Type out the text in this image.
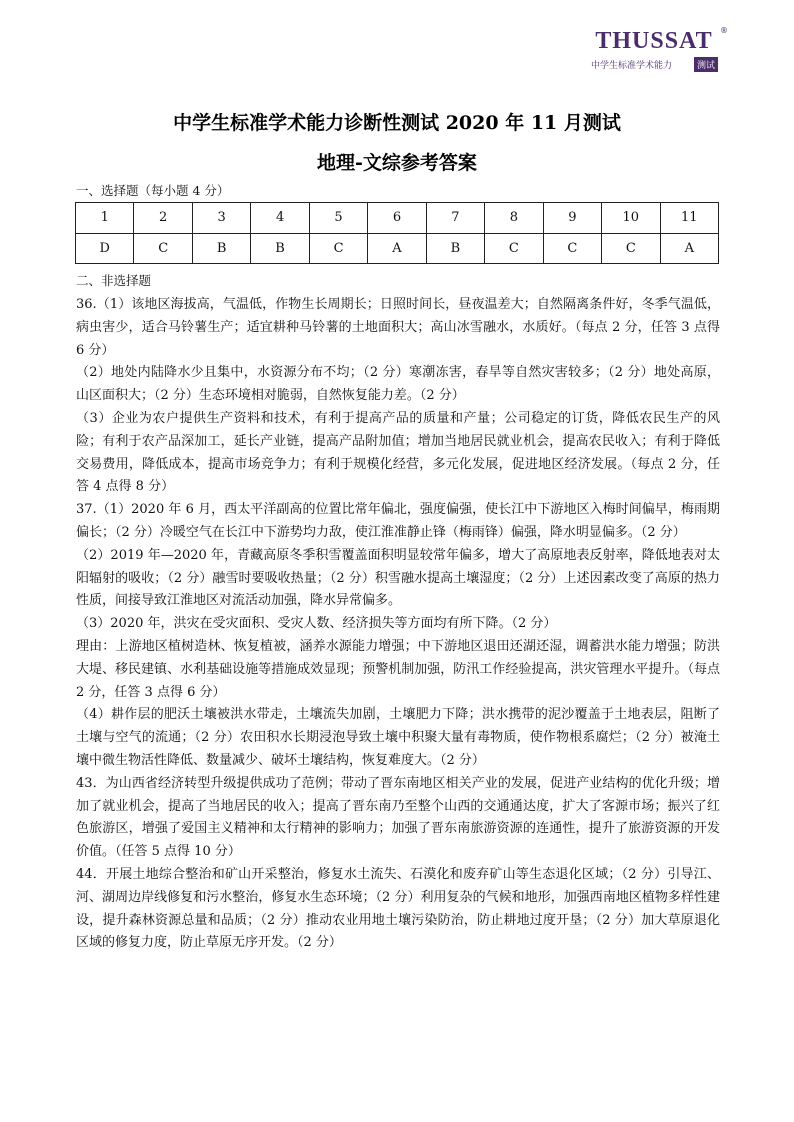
THUSSAT ®
中学生标准学术能力	测试
中学生标准学术能力诊断性测试 2020 年 11 月测试
地理-文综参考答案
一、选择题（每小题 4 分）
1	2	3	4	5	6	7	8	9	10	11
D	C	B	B	C	A	B	C	C	C	A
二、非选择题

36.（1）该地区海拔高，气温低，作物生长周期长；日照时间长，昼夜温差大；自然隔离条件好，冬季气温低，病虫害少，适合马铃薯生产；适宜耕种马铃薯的土地面积大；高山冰雪融水，水质好。（每点 2 分，任答 3 点得 6 分）

（2）地处内陆降水少且集中，水资源分布不均；（2 分）寒潮冻害，春旱等自然灾害较多；（2 分）地处高原，山区面积大；（2 分）生态环境相对脆弱，自然恢复能力差。（2 分）

（3）企业为农户提供生产资料和技术，有利于提高产品的质量和产量；公司稳定的订货，降低农民生产的风险；有利于农产品深加工，延长产业链，提高产品附加值；增加当地居民就业机会，提高农民收入；有利于降低交易费用，降低成本，提高市场竞争力；有利于规模化经营，多元化发展，促进地区经济发展。（每点 2 分，任答 4 点得 8 分）

37.（1）2020 年 6 月，西太平洋副高的位置比常年偏北，强度偏强，使长江中下游地区入梅时间偏早，梅雨期偏长；（2 分）冷暖空气在长江中下游势均力敌，使江淮准静止锋（梅雨锋）偏强，降水明显偏多。（2 分）

（2）2019 年—2020 年，青藏高原冬季积雪覆盖面积明显较常年偏多，增大了高原地表反射率，降低地表对太阳辐射的吸收；（2 分）融雪时要吸收热量；（2 分）积雪融水提高土壤湿度；（2 分）上述因素改变了高原的热力性质，间接导致江淮地区对流活动加强，降水异常偏多。

（3）2020 年，洪灾在受灾面积、受灾人数、经济损失等方面均有所下降。（2 分）

理由：上游地区植树造林、恢复植被，涵养水源能力增强；中下游地区退田还湖还湿，调蓄洪水能力增强；防洪大堤、移民建镇、水利基础设施等措施成效显现；预警机制加强，防汛工作经验提高，洪灾管理水平提升。（每点 2 分，任答 3 点得 6 分）

（4）耕作层的肥沃土壤被洪水带走，土壤流失加剧，土壤肥力下降；洪水携带的泥沙覆盖于土地表层，阻断了土壤与空气的流通；（2 分）农田积水长期浸泡导致土壤中积聚大量有毒物质，使作物根系腐烂；（2 分）被淹土壤中微生物活性降低、数量减少、破坏土壤结构，恢复难度大。（2 分）

43．为山西省经济转型升级提供成功了范例；带动了晋东南地区相关产业的发展，促进产业结构的优化升级；增加了就业机会，提高了当地居民的收入；提高了晋东南乃至整个山西的交通通达度，扩大了客源市场；振兴了红色旅游区，增强了爱国主义精神和太行精神的影响力；加强了晋东南旅游资源的连通性，提升了旅游资源的开发价值。（任答 5 点得 10 分）

44．开展土地综合整治和矿山开采整治，修复水土流失、石漠化和废弃矿山等生态退化区域；（2 分）引导江、河、湖周边岸线修复和污水整治，修复水生态环境；（2 分）利用复杂的气候和地形，加强西南地区植物多样性建设，提升森林资源总量和品质；（2 分）推动农业用地土壤污染防治，防止耕地过度开垦；（2 分）加大草原退化区域的修复力度，防止草原无序开发。（2 分）
